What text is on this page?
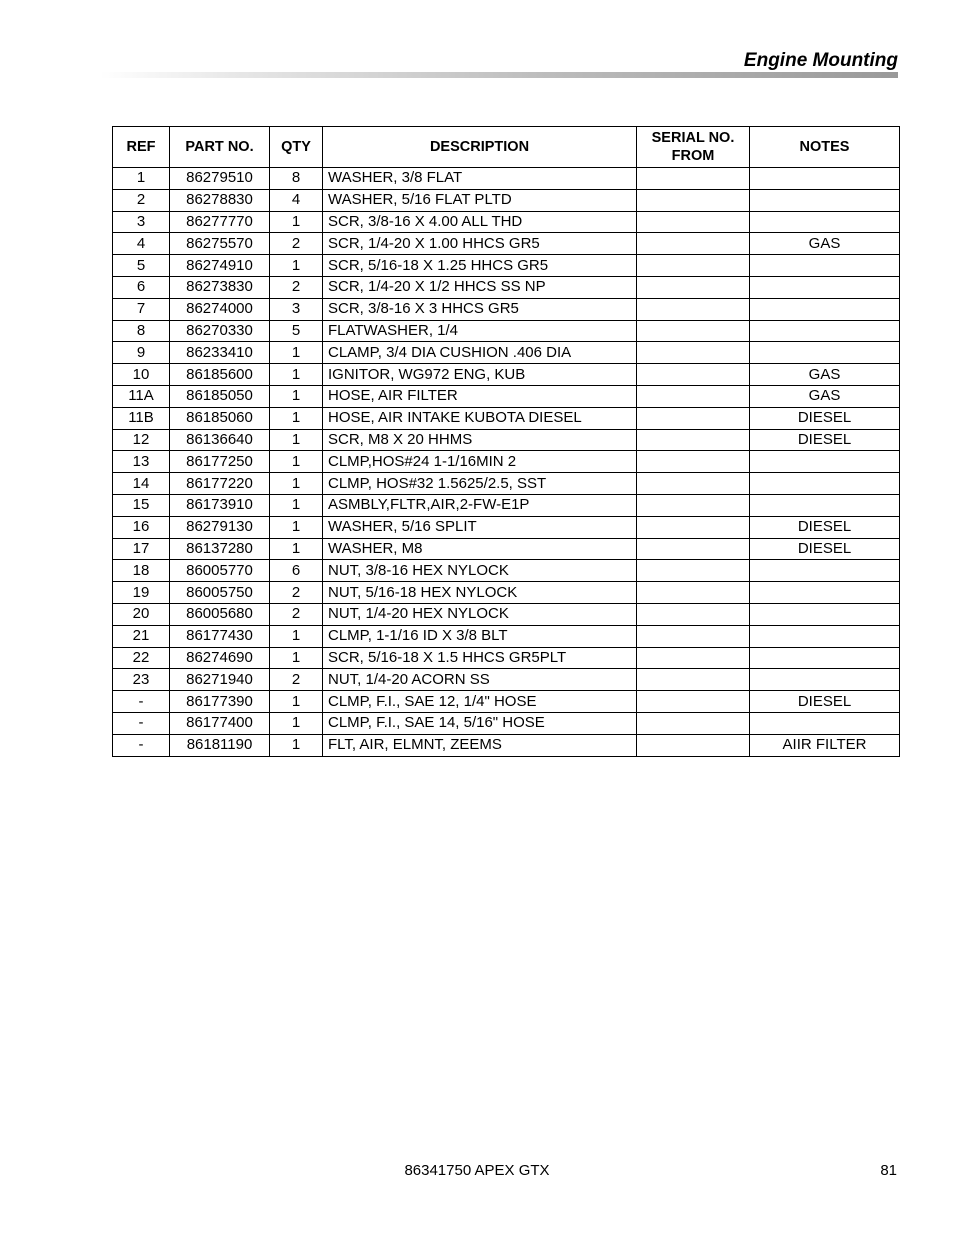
Engine Mounting
REF	PART NO.	QTY	DESCRIPTION	SERIAL NO. FROM	NOTES
1	86279510	8	WASHER, 3/8 FLAT		
2	86278830	4	WASHER, 5/16 FLAT PLTD		
3	86277770	1	SCR, 3/8-16 X 4.00 ALL THD		
4	86275570	2	SCR, 1/4-20 X 1.00 HHCS GR5		GAS
5	86274910	1	SCR, 5/16-18 X 1.25 HHCS GR5		
6	86273830	2	SCR, 1/4-20 X 1/2 HHCS SS NP		
7	86274000	3	SCR, 3/8-16 X 3 HHCS GR5		
8	86270330	5	FLATWASHER, 1/4		
9	86233410	1	CLAMP, 3/4 DIA CUSHION .406 DIA		
10	86185600	1	IGNITOR, WG972 ENG, KUB		GAS
11A	86185050	1	HOSE, AIR FILTER		GAS
11B	86185060	1	HOSE, AIR INTAKE KUBOTA DIESEL		DIESEL
12	86136640	1	SCR, M8 X 20 HHMS		DIESEL
13	86177250	1	CLMP,HOS#24 1-1/16MIN 2		
14	86177220	1	CLMP, HOS#32 1.5625/2.5, SST		
15	86173910	1	ASMBLY,FLTR,AIR,2-FW-E1P		
16	86279130	1	WASHER, 5/16 SPLIT		DIESEL
17	86137280	1	WASHER, M8		DIESEL
18	86005770	6	NUT, 3/8-16 HEX NYLOCK		
19	86005750	2	NUT, 5/16-18 HEX NYLOCK		
20	86005680	2	NUT, 1/4-20 HEX NYLOCK		
21	86177430	1	CLMP, 1-1/16 ID X 3/8 BLT		
22	86274690	1	SCR, 5/16-18 X 1.5 HHCS GR5PLT		
23	86271940	2	NUT, 1/4-20 ACORN SS		
-	86177390	1	CLMP, F.I., SAE 12, 1/4" HOSE		DIESEL
-	86177400	1	CLMP, F.I., SAE 14, 5/16" HOSE		
-	86181190	1	FLT, AIR, ELMNT, ZEEMS		AIIR FILTER
86341750 APEX GTX	81
